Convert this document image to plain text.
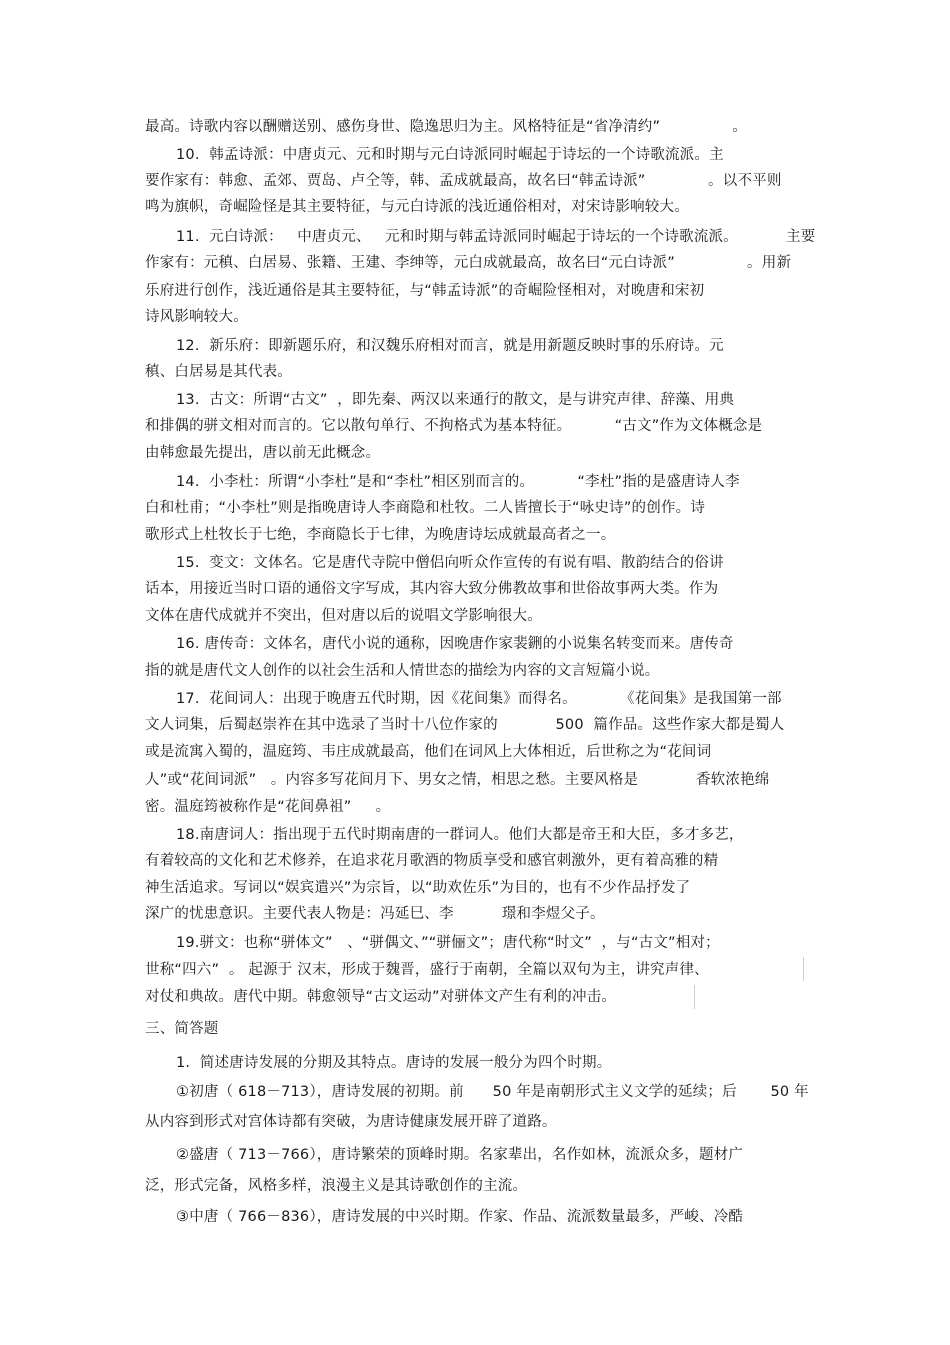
最高。诗歌内容以酬赠送别、感伤身世、隐逸思归为主。风格特征是“省净清约”               。
10.  韩孟诗派：中唐贞元、元和时期与元白诗派同时崛起于诗坛的一个诗歌流派。主
要作家有：韩愈、孟郊、贾岛、卢仝等，韩、孟成就最高，故名曰“韩孟诗派”             。以不平则
鸣为旗帜，奇崛险怪是其主要特征，与元白诗派的浅近通俗相对，对宋诗影响较大。
11.  元白诗派：   中唐贞元、   元和时期与韩孟诗派同时崛起于诗坛的一个诗歌流派。          主要
作家有：元稹、白居易、张籍、王建、李绅等，元白成就最高，故名曰“元白诗派”               。用新
乐府进行创作，浅近通俗是其主要特征，与“韩孟诗派”的奇崛险怪相对，对晚唐和宋初
诗风影响较大。
12.  新乐府：即新题乐府，和汉魏乐府相对而言，就是用新题反映时事的乐府诗。元
稹、白居易是其代表。
13.  古文：所谓“古文”  ，即先秦、两汉以来通行的散文，是与讲究声律、辞藻、用典
和排偶的骈文相对而言的。它以散句单行、不拘格式为基本特征。         “古文”作为文体概念是
由韩愈最先提出，唐以前无此概念。
14.  小李杜：所谓“小李杜”是和“李杜”相区别而言的。         “李杜”指的是盛唐诗人李
白和杜甫；“小李杜”则是指晚唐诗人李商隐和杜牧。二人皆擅长于“咏史诗”的创作。诗
歌形式上杜牧长于七绝，李商隐长于七律，为晚唐诗坛成就最高者之一。
15.  变文：文体名。它是唐代寺院中僧侣向听众作宣传的有说有唱、散韵结合的俗讲
话本，用接近当时口语的通俗文字写成，其内容大致分佛教故事和世俗故事两大类。作为
文体在唐代成就并不突出，但对唐以后的说唱文学影响很大。
16. 唐传奇：文体名，唐代小说的通称，因晚唐作家裴鉶的小说集名转变而来。唐传奇
指的就是唐代文人创作的以社会生活和人情世态的描绘为内容的文言短篇小说。
17.  花间词人：出现于晚唐五代时期，因《花间集》而得名。         《花间集》是我国第一部
文人词集，后蜀赵崇祚在其中选录了当时十八位作家的            500  篇作品。这些作家大都是蜀人
或是流寓入蜀的，温庭筠、韦庄成就最高，他们在词风上大体相近，后世称之为“花间词
人”或“花间词派”   。内容多写花间月下、男女之情，相思之愁。主要风格是            香软浓艳绵
密。温庭筠被称作是“花间鼻祖”     。
18.南唐词人：指出现于五代时期南唐的一群词人。他们大都是帝王和大臣，多才多艺，
有着较高的文化和艺术修养，在追求花月歌酒的物质享受和感官刺激外，更有着高雅的精
神生活追求。写词以“娱宾遣兴”为宗旨，以“助欢佐乐”为目的，也有不少作品抒发了
深广的忧患意识。主要代表人物是：冯延巳、李          璟和李煜父子。
19.骈文：也称“骈体文”   、“骈偶文、”“骈俪文”；唐代称“时文”  ，与“古文”相对；
世称“四六”  。 起源于 汉末，形成于魏晋，盛行于南朝，全篇以双句为主，讲究声律、
对仗和典故。唐代中期。韩愈领导“古文运动”对骈体文产生有利的冲击。
三、简答题
1.  简述唐诗发展的分期及其特点。唐诗的发展一般分为四个时期。
①初唐（ 618－713），唐诗发展的初期。前      50 年是南朝形式主义文学的延续；后       50 年
从内容到形式对宫体诗都有突破，为唐诗健康发展开辟了道路。
②盛唐（ 713－766），唐诗繁荣的顶峰时期。名家辈出，名作如林，流派众多，题材广
泛，形式完备，风格多样，浪漫主义是其诗歌创作的主流。
③中唐（ 766－836），唐诗发展的中兴时期。作家、作品、流派数量最多，严峻、冷酷
